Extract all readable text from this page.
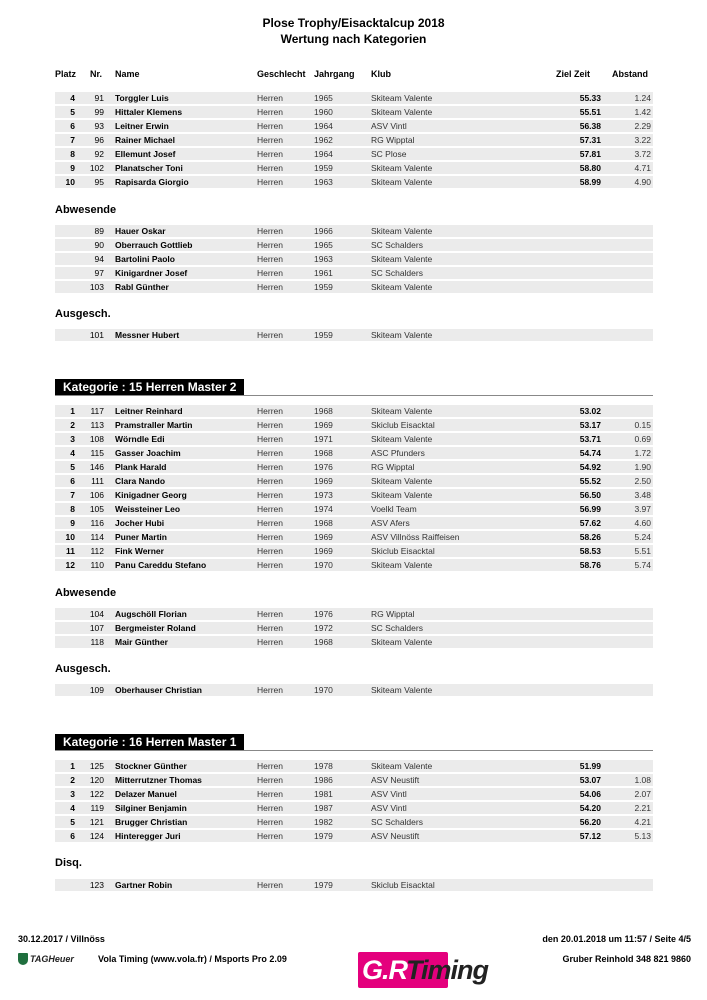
Plose Trophy/Eisacktalcup 2018
Wertung nach Kategorien
Platz Nr. Name	Geschlecht Jahrgang Klub	Ziel Zeit Abstand
4	91 Torggler Luis	Herren	1965	Skiteam Valente	55.33	1.24
5	99 Hittaler Klemens	Herren	1960	Skiteam Valente	55.51	1.42
6	93 Leitner Erwin	Herren	1964	ASV Vintl	56.38	2.29
7	96 Rainer Michael	Herren	1962	RG Wipptal	57.31	3.22
8	92 Ellemunt Josef	Herren	1964	SC Plose	57.81	3.72
9	102 Planatscher Toni	Herren	1959	Skiteam Valente	58.80	4.71
10	95 Rapisarda Giorgio	Herren	1963	Skiteam Valente	58.99	4.90
Abwesende
89 Hauer Oskar	Herren	1966	Skiteam Valente
90 Oberrauch Gottlieb	Herren	1965	SC Schalders
94 Bartolini Paolo	Herren	1963	Skiteam Valente
97 Kinigardner Josef	Herren	1961	SC Schalders
103 Rabl Günther	Herren	1959	Skiteam Valente
Ausgesch.
101 Messner Hubert	Herren	1959	Skiteam Valente
Kategorie : 15 Herren Master 2
1	117 Leitner Reinhard	Herren	1968	Skiteam Valente	53.02
2	113 Pramstraller Martin	Herren	1969	Skiclub Eisacktal	53.17	0.15
3	108 Wörndle Edi	Herren	1971	Skiteam Valente	53.71	0.69
4	115 Gasser Joachim	Herren	1968	ASC Pfunders	54.74	1.72
5	146 Plank Harald	Herren	1976	RG Wipptal	54.92	1.90
6	111 Clara Nando	Herren	1969	Skiteam Valente	55.52	2.50
7	106 Kinigadner Georg	Herren	1973	Skiteam Valente	56.50	3.48
8	105 Weissteiner Leo	Herren	1974	Voelkl Team	56.99	3.97
9	116 Jocher Hubi	Herren	1968	ASV Afers	57.62	4.60
10	114 Puner Martin	Herren	1969	ASV Villnöss Raiffeisen	58.26	5.24
11	112 Fink Werner	Herren	1969	Skiclub Eisacktal	58.53	5.51
12	110 Panu Careddu Stefano	Herren	1970	Skiteam Valente	58.76	5.74
Abwesende
104 Augschöll Florian	Herren	1976	RG Wipptal
107 Bergmeister Roland	Herren	1972	SC Schalders
118 Mair Günther	Herren	1968	Skiteam Valente
Ausgesch.
109 Oberhauser Christian	Herren	1970	Skiteam Valente
Kategorie : 16 Herren Master 1
1	125 Stockner Günther	Herren	1978	Skiteam Valente	51.99
2	120 Mitterrutzner Thomas	Herren	1986	ASV Neustift	53.07	1.08
3	122 Delazer Manuel	Herren	1981	ASV Vintl	54.06	2.07
4	119 Silginer Benjamin	Herren	1987	ASV Vintl	54.20	2.21
5	121 Brugger Christian	Herren	1982	SC Schalders	56.20	4.21
6	124 Hinteregger Juri	Herren	1979	ASV Neustift	57.12	5.13
Disq.
123 Gartner Robin	Herren	1979	Skiclub Eisacktal
30.12.2017 / Villnöss	den 20.01.2018 um 11:57 / Seite 4/5
TAGHeuer	Vola Timing (www.vola.fr) / Msports Pro 2.09	G.R
Timing	Gruber Reinhold 348 821 9860
